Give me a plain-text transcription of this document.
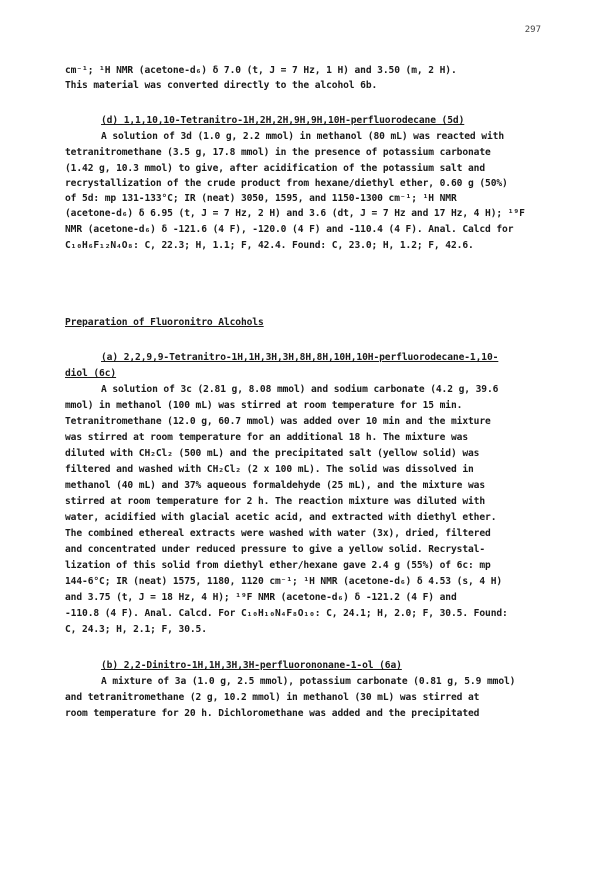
297
cm⁻¹; ¹H NMR (acetone-d₆) δ 7.0 (t, J = 7 Hz, 1 H) and 3.50 (m, 2 H).
This material was converted directly to the alcohol 6b.
(d) 1,1,10,10-Tetranitro-1H,2H,2H,9H,9H,10H-perfluorodecane (5d)
A solution of 3d (1.0 g, 2.2 mmol) in methanol (80 mL) was reacted with
tetranitromethane (3.5 g, 17.8 mmol) in the presence of potassium carbonate
(1.42 g, 10.3 mmol) to give, after acidification of the potassium salt and
recrystallization of the crude product from hexane/diethyl ether, 0.60 g (50%)
of 5d: mp 131-133°C; IR (neat) 3050, 1595, and 1150-1300 cm⁻¹; ¹H NMR
(acetone-d₆) δ 6.95 (t, J = 7 Hz, 2 H) and 3.6 (dt, J = 7 Hz and 17 Hz, 4 H); ¹⁹F
NMR (acetone-d₆) δ -121.6 (4 F), -120.0 (4 F) and -110.4 (4 F). Anal. Calcd for
C₁₀H₆F₁₂N₄O₈: C, 22.3; H, 1.1; F, 42.4. Found: C, 23.0; H, 1.2; F, 42.6.
Preparation of Fluoronitro Alcohols
(a) 2,2,9,9-Tetranitro-1H,1H,3H,3H,8H,8H,10H,10H-perfluorodecane-1,10-
diol (6c)
A solution of 3c (2.81 g, 8.08 mmol) and sodium carbonate (4.2 g, 39.6
mmol) in methanol (100 mL) was stirred at room temperature for 15 min.
Tetranitromethane (12.0 g, 60.7 mmol) was added over 10 min and the mixture
was stirred at room temperature for an additional 18 h. The mixture was
diluted with CH₂Cl₂ (500 mL) and the precipitated salt (yellow solid) was
filtered and washed with CH₂Cl₂ (2 x 100 mL). The solid was dissolved in
methanol (40 mL) and 37% aqueous formaldehyde (25 mL), and the mixture was
stirred at room temperature for 2 h. The reaction mixture was diluted with
water, acidified with glacial acetic acid, and extracted with diethyl ether.
The combined ethereal extracts were washed with water (3x), dried, filtered
and concentrated under reduced pressure to give a yellow solid. Recrystal-
lization of this solid from diethyl ether/hexane gave 2.4 g (55%) of 6c: mp
144-6°C; IR (neat) 1575, 1180, 1120 cm⁻¹; ¹H NMR (acetone-d₆) δ 4.53 (s, 4 H)
and 3.75 (t, J = 18 Hz, 4 H); ¹⁹F NMR (acetone-d₆) δ -121.2 (4 F) and
-110.8 (4 F). Anal. Calcd. For C₁₀H₁₀N₄F₈O₁₀: C, 24.1; H, 2.0; F, 30.5. Found:
C, 24.3; H, 2.1; F, 30.5.
(b) 2,2-Dinitro-1H,1H,3H,3H-perfluorononane-1-ol (6a)
A mixture of 3a (1.0 g, 2.5 mmol), potassium carbonate (0.81 g, 5.9 mmol)
and tetranitromethane (2 g, 10.2 mmol) in methanol (30 mL) was stirred at
room temperature for 20 h. Dichloromethane was added and the precipitated
